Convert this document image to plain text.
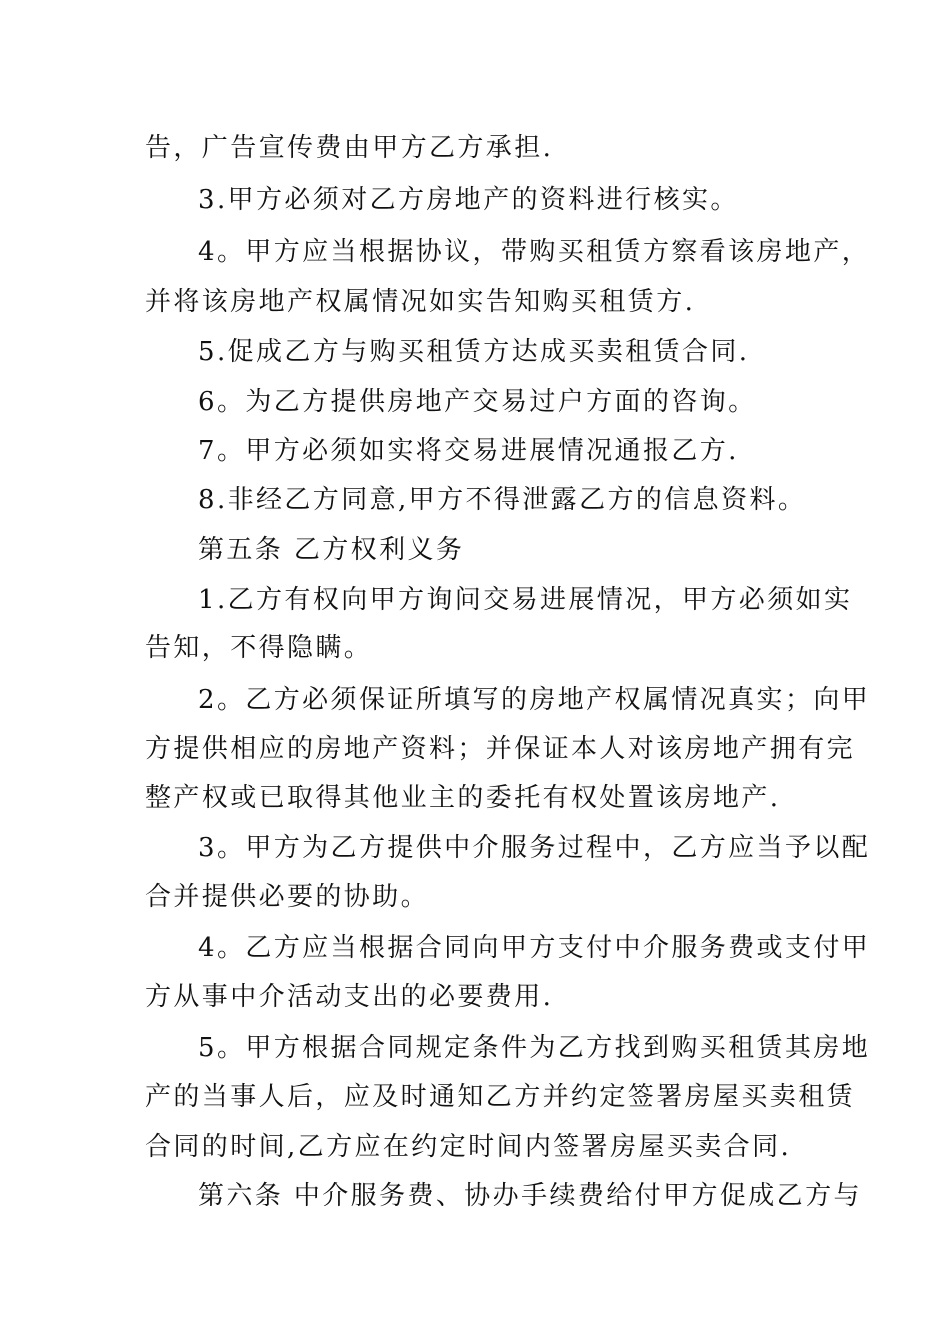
告，广告宣传费由甲方乙方承担.
3.甲方必须对乙方房地产的资料进行核实。
4。甲方应当根据协议，带购买租赁方察看该房地产，
并将该房地产权属情况如实告知购买租赁方.
5.促成乙方与购买租赁方达成买卖租赁合同.
6。为乙方提供房地产交易过户方面的咨询。
7。甲方必须如实将交易进展情况通报乙方.
8.非经乙方同意,甲方不得泄露乙方的信息资料。
第五条 乙方权利义务
1.乙方有权向甲方询问交易进展情况，甲方必须如实
告知，不得隐瞒。
2。乙方必须保证所填写的房地产权属情况真实；向甲
方提供相应的房地产资料；并保证本人对该房地产拥有完
整产权或已取得其他业主的委托有权处置该房地产.
3。甲方为乙方提供中介服务过程中，乙方应当予以配
合并提供必要的协助。
4。乙方应当根据合同向甲方支付中介服务费或支付甲
方从事中介活动支出的必要费用.
5。甲方根据合同规定条件为乙方找到购买租赁其房地
产的当事人后，应及时通知乙方并约定签署房屋买卖租赁
合同的时间,乙方应在约定时间内签署房屋买卖合同.
第六条 中介服务费、协办手续费给付甲方促成乙方与
